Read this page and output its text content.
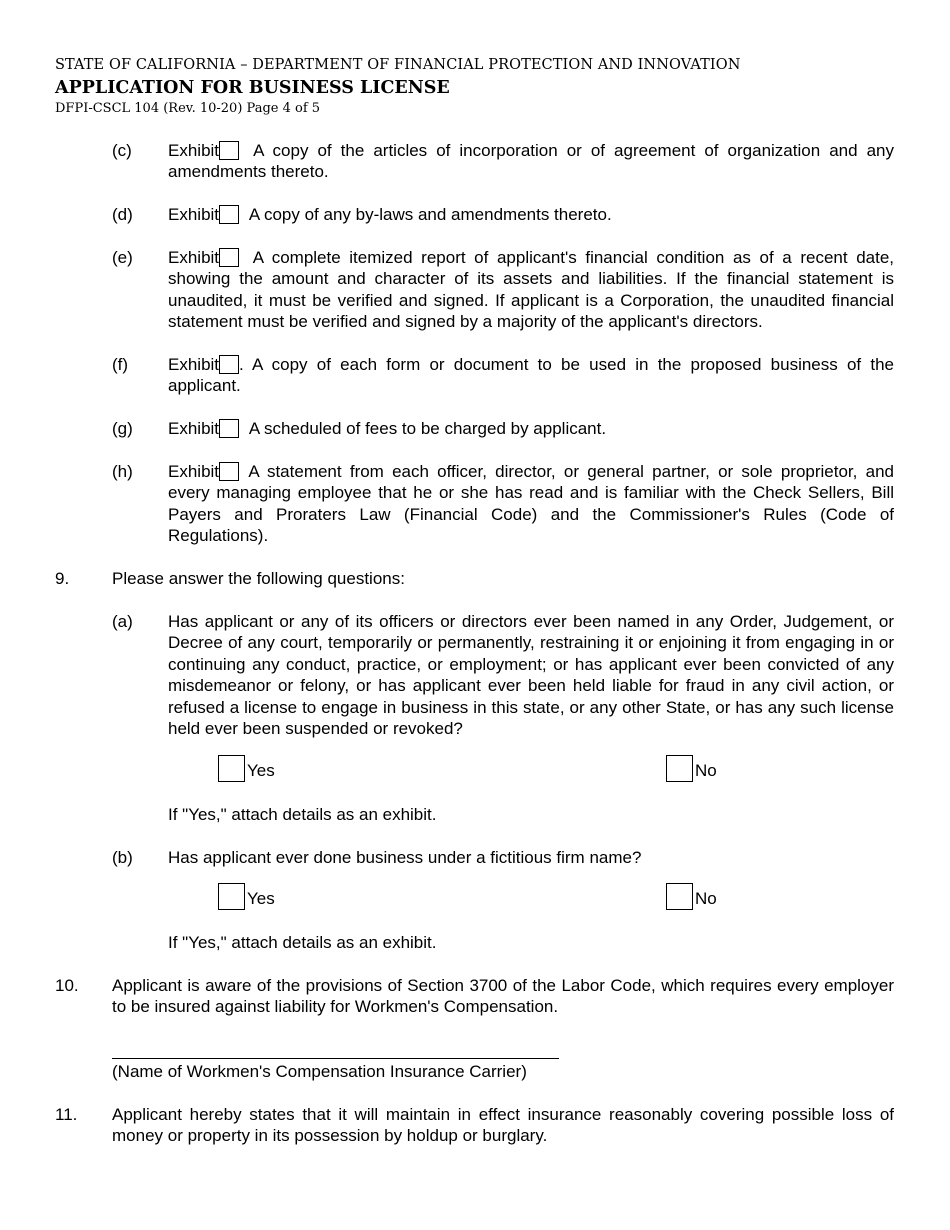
STATE OF CALIFORNIA – DEPARTMENT OF FINANCIAL PROTECTION AND INNOVATION
APPLICATION FOR BUSINESS LICENSE
DFPI-CSCL 104 (Rev. 10-20) Page 4 of 5
(c) Exhibit A copy of the articles of incorporation or of agreement of organization and any amendments thereto.
(d) Exhibit A copy of any by-laws and amendments thereto.
(e) Exhibit A complete itemized report of applicant's financial condition as of a recent date, showing the amount and character of its assets and liabilities. If the financial statement is unaudited, it must be verified and signed. If applicant is a Corporation, the unaudited financial statement must be verified and signed by a majority of the applicant's directors.
(f) Exhibit . A copy of each form or document to be used in the proposed business of the applicant.
(g) Exhibit A scheduled of fees to be charged by applicant.
(h) Exhibit A statement from each officer, director, or general partner, or sole proprietor, and every managing employee that he or she has read and is familiar with the Check Sellers, Bill Payers and Proraters Law (Financial Code) and the Commissioner's Rules (Code of Regulations).
9.	Please answer the following questions:
(a) Has applicant or any of its officers or directors ever been named in any Order, Judgement, or Decree of any court, temporarily or permanently, restraining it or enjoining it from engaging in or continuing any conduct, practice, or employment; or has applicant ever been convicted of any misdemeanor or felony, or has applicant ever been held liable for fraud in any civil action, or refused a license to engage in business in this state, or any other State, or has any such license held ever been suspended or revoked?
Yes	No
If "Yes," attach details as an exhibit.
(b) Has applicant ever done business under a fictitious firm name?
Yes	No
If "Yes," attach details as an exhibit.
10. Applicant is aware of the provisions of Section 3700 of the Labor Code, which requires every employer to be insured against liability for Workmen's Compensation.
(Name of Workmen's Compensation Insurance Carrier)
11. Applicant hereby states that it will maintain in effect insurance reasonably covering possible loss of money or property in its possession by holdup or burglary.
